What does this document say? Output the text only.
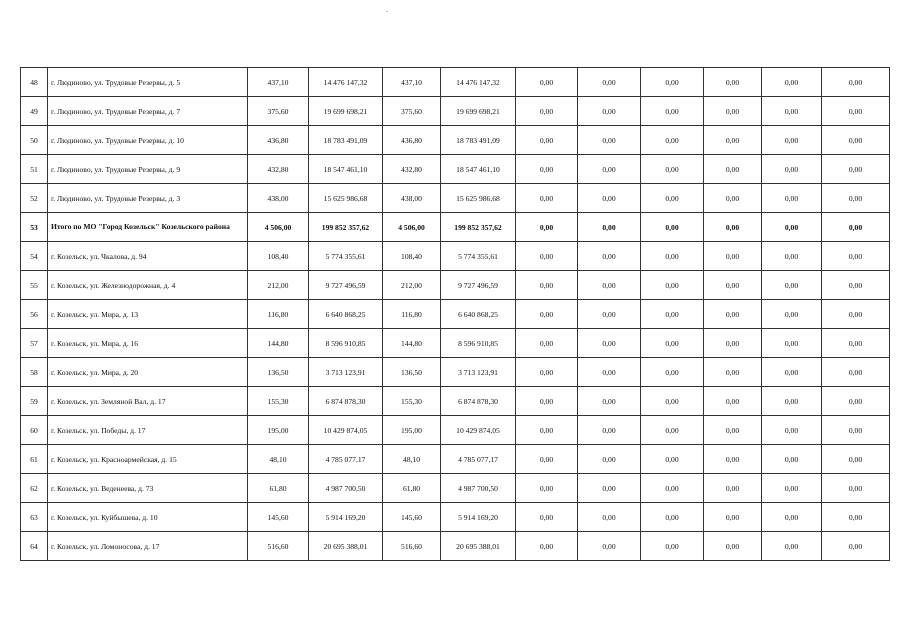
48	г. Людиново, ул. Трудовые Резервы, д. 5	437,10	14 476 147,32	437,10	14 476 147,32	0,00	0,00	0,00	0,00	0,00	0,00
49	г. Людиново, ул. Трудовые Резервы, д. 7	375,60	19 699 698,21	375,60	19 699 698,21	0,00	0,00	0,00	0,00	0,00	0,00
50	г. Людиново, ул. Трудовые Резервы, д. 10	436,80	18 783 491,09	436,80	18 783 491,09	0,00	0,00	0,00	0,00	0,00	0,00
51	г. Людиново, ул. Трудовые Резервы, д. 9	432,80	18 547 461,10	432,80	18 547 461,10	0,00	0,00	0,00	0,00	0,00	0,00
52	г. Людиново, ул. Трудовые Резервы, д. 3	438,00	15 625 986,68	438,00	15 625 986,68	0,00	0,00	0,00	0,00	0,00	0,00
53	Итого по МО "Город Козельск" Козельского района	4 506,00	199 852 357,62	4 506,00	199 852 357,62	0,00	0,00	0,00	0,00	0,00	0,00
54	г. Козельск, ул. Чкалова, д. 94	108,40	5 774 355,61	108,40	5 774 355,61	0,00	0,00	0,00	0,00	0,00	0,00
55	г. Козельск, ул. Железнодорожная, д. 4	212,00	9 727 496,59	212,00	9 727 496,59	0,00	0,00	0,00	0,00	0,00	0,00
56	г. Козельск, ул. Мира, д. 13	116,80	6 640 868,25	116,80	6 640 868,25	0,00	0,00	0,00	0,00	0,00	0,00
57	г. Козельск, ул. Мира, д. 16	144,80	8 596 910,85	144,80	8 596 910,85	0,00	0,00	0,00	0,00	0,00	0,00
58	г. Козельск, ул. Мира, д. 20	136,50	3 713 123,91	136,50	3 713 123,91	0,00	0,00	0,00	0,00	0,00	0,00
59	г. Козельск, ул. Земляной Вал, д. 17	155,30	6 874 878,30	155,30	6 874 878,30	0,00	0,00	0,00	0,00	0,00	0,00
60	г. Козельск, ул. Победы, д. 17	195,00	10 429 874,05	195,00	10 429 874,05	0,00	0,00	0,00	0,00	0,00	0,00
61	г. Козельск, ул. Красноармейская, д. 15	48,10	4 785 077,17	48,10	4 785 077,17	0,00	0,00	0,00	0,00	0,00	0,00
62	г. Козельск, ул. Веденеева, д. 73	61,80	4 987 700,50	61,80	4 987 700,50	0,00	0,00	0,00	0,00	0,00	0,00
63	г. Козельск, ул. Куйбышева, д. 10	145,60	5 914 169,20	145,60	5 914 169,20	0,00	0,00	0,00	0,00	0,00	0,00
64	г. Козельск, ул. Ломоносова, д. 17	516,60	20 695 388,01	516,60	20 695 388,01	0,00	0,00	0,00	0,00	0,00	0,00
